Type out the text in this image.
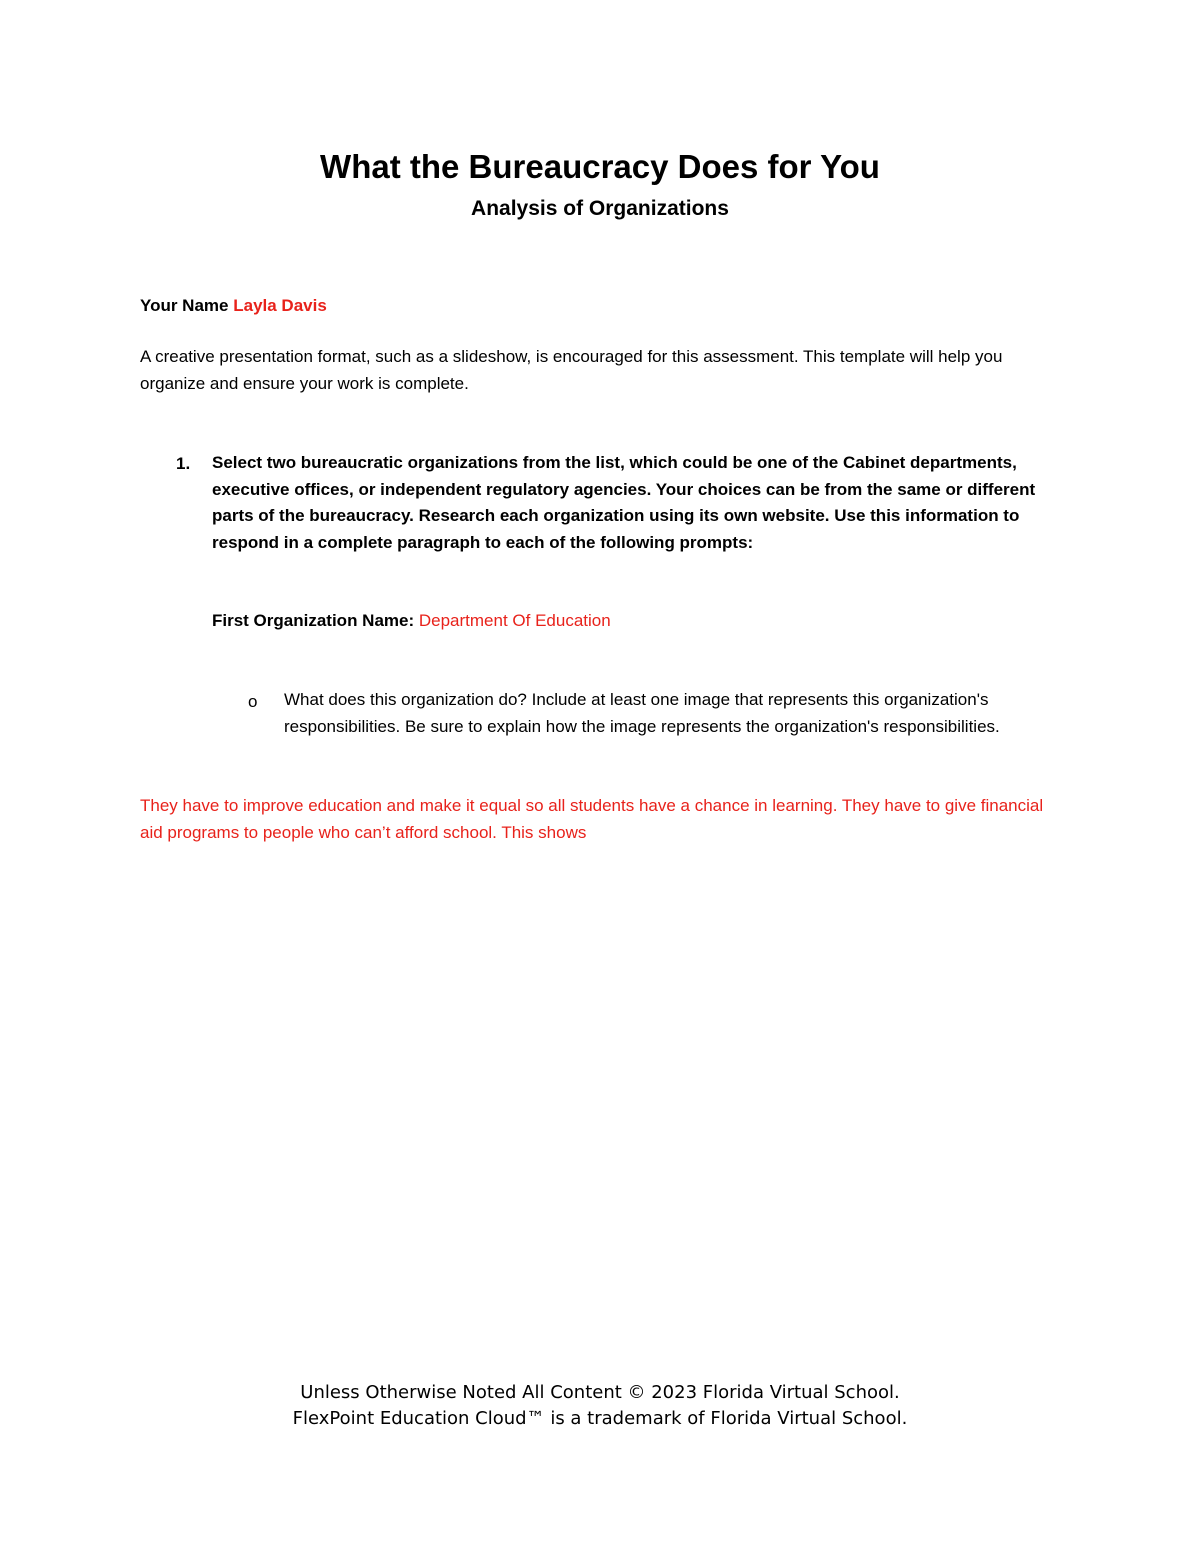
What the Bureaucracy Does for You
Analysis of Organizations
Your Name Layla Davis
A creative presentation format, such as a slideshow, is encouraged for this assessment. This template will help you organize and ensure your work is complete.
1. Select two bureaucratic organizations from the list, which could be one of the Cabinet departments, executive offices, or independent regulatory agencies. Your choices can be from the same or different parts of the bureaucracy. Research each organization using its own website. Use this information to respond in a complete paragraph to each of the following prompts:
First Organization Name: Department Of Education
o What does this organization do? Include at least one image that represents this organization's responsibilities. Be sure to explain how the image represents the organization's responsibilities.
They have to improve education and make it equal so all students have a chance in learning. They have to give financial aid programs to people who can’t afford school. This shows
Unless Otherwise Noted All Content © 2023 Florida Virtual School.
FlexPoint Education Cloud™ is a trademark of Florida Virtual School.
